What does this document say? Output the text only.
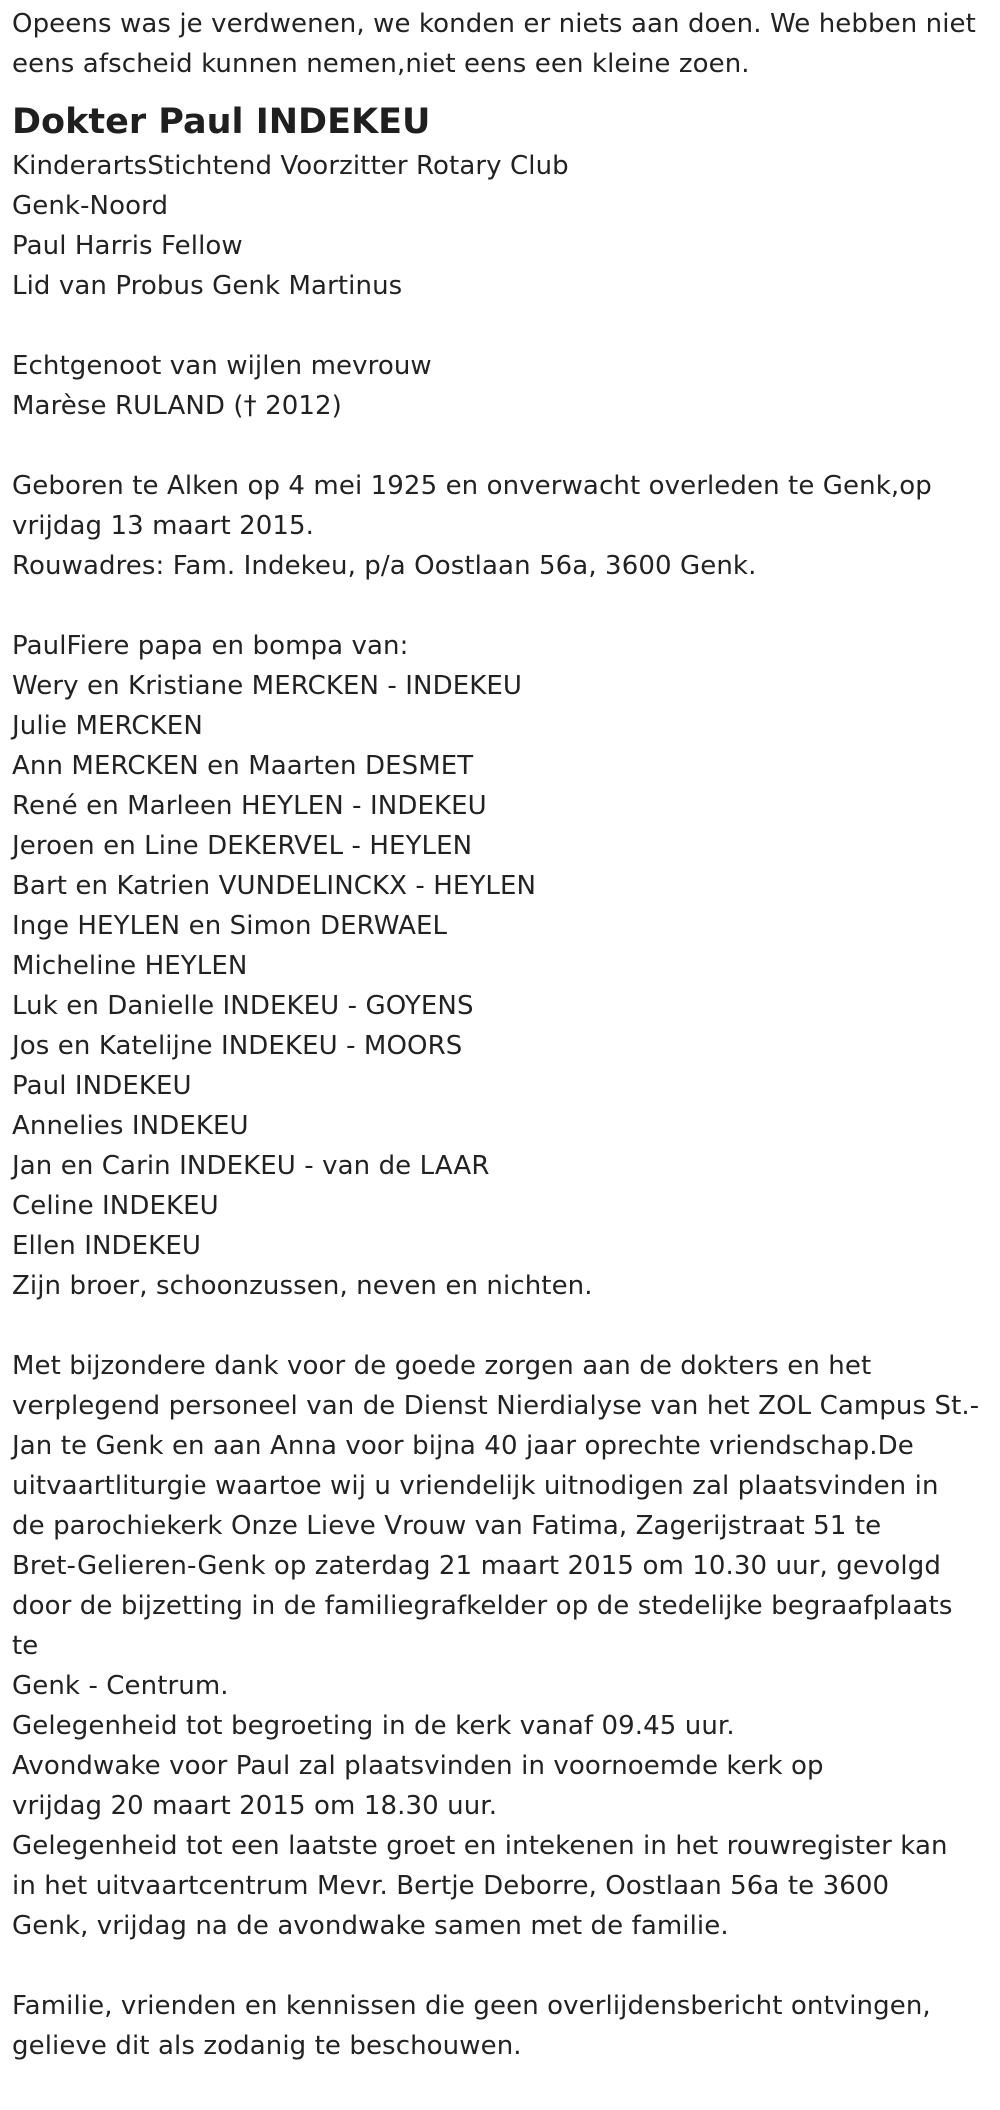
Opeens was je verdwenen, we konden er niets aan doen. We hebben niet
eens afscheid kunnen nemen,niet eens een kleine zoen.
Dokter Paul INDEKEU
KinderartsStichtend Voorzitter Rotary Club
Genk-Noord
Paul Harris Fellow
Lid van Probus Genk Martinus
Echtgenoot van wijlen mevrouw
Marèse RULAND († 2012)
Geboren te Alken op 4 mei 1925 en onverwacht overleden te Genk,op
vrijdag 13 maart 2015.
Rouwadres: Fam. Indekeu, p/a Oostlaan 56a, 3600 Genk.
PaulFiere papa en bompa van:
Wery en Kristiane MERCKEN - INDEKEU
Julie MERCKEN
Ann MERCKEN en Maarten DESMET
René en Marleen HEYLEN - INDEKEU
Jeroen en Line DEKERVEL - HEYLEN
Bart en Katrien VUNDELINCKX - HEYLEN
Inge HEYLEN en Simon DERWAEL
Micheline HEYLEN
Luk en Danielle INDEKEU - GOYENS
Jos en Katelijne INDEKEU - MOORS
Paul INDEKEU
Annelies INDEKEU
Jan en Carin INDEKEU - van de LAAR
Celine INDEKEU
Ellen INDEKEU
Zijn broer, schoonzussen, neven en nichten.
Met bijzondere dank voor de goede zorgen aan de dokters en het
verplegend personeel van de Dienst Nierdialyse van het ZOL Campus St.-
Jan te Genk en aan Anna voor bijna 40 jaar oprechte vriendschap.De
uitvaartliturgie waartoe wij u vriendelijk uitnodigen zal plaatsvinden in
de parochiekerk Onze Lieve Vrouw van Fatima, Zagerijstraat 51 te
Bret-Gelieren-Genk op zaterdag 21 maart 2015 om 10.30 uur, gevolgd
door de bijzetting in de familiegrafkelder op de stedelijke begraafplaats
te
Genk - Centrum.
Gelegenheid tot begroeting in de kerk vanaf 09.45 uur.
Avondwake voor Paul zal plaatsvinden in voornoemde kerk op
vrijdag 20 maart 2015 om 18.30 uur.
Gelegenheid tot een laatste groet en intekenen in het rouwregister kan
in het uitvaartcentrum Mevr. Bertje Deborre, Oostlaan 56a te 3600
Genk, vrijdag na de avondwake samen met de familie.
Familie, vrienden en kennissen die geen overlijdensbericht ontvingen,
gelieve dit als zodanig te beschouwen.
